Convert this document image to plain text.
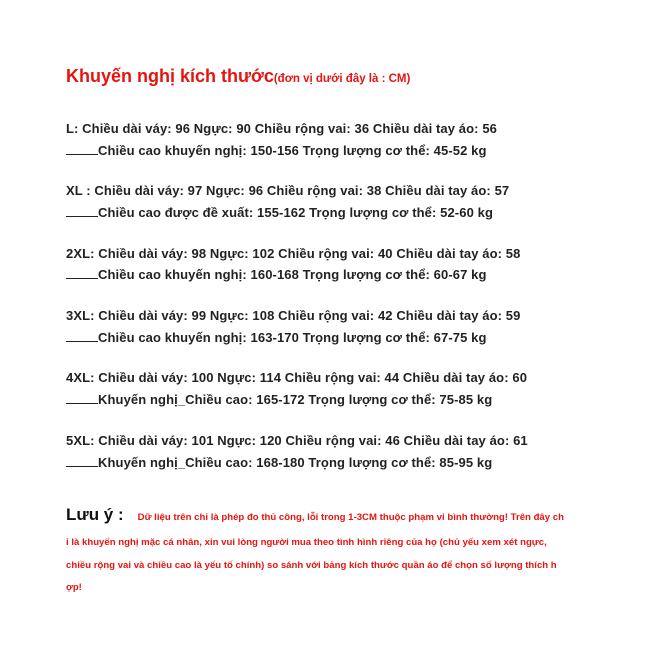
Khuyến nghị kích thước(đơn vị dưới đây là : CM)
L: Chiều dài váy: 96 Ngực: 90 Chiều rộng vai: 36 Chiều dài tay áo: 56
Chiều cao khuyến nghị: 150-156 Trọng lượng cơ thể: 45-52 kg
XL : Chiều dài váy: 97 Ngực: 96 Chiều rộng vai: 38 Chiều dài tay áo: 57
Chiều cao được đề xuất: 155-162 Trọng lượng cơ thể: 52-60 kg
2XL: Chiều dài váy: 98 Ngực: 102 Chiều rộng vai: 40 Chiều dài tay áo: 58
Chiều cao khuyến nghị: 160-168 Trọng lượng cơ thể: 60-67 kg
3XL: Chiều dài váy: 99 Ngực: 108 Chiều rộng vai: 42 Chiều dài tay áo: 59
Chiều cao khuyến nghị: 163-170 Trọng lượng cơ thể: 67-75 kg
4XL: Chiều dài váy: 100 Ngực: 114 Chiều rộng vai: 44 Chiều dài tay áo: 60
Khuyến nghị_Chiều cao: 165-172 Trọng lượng cơ thể: 75-85 kg
5XL: Chiều dài váy: 101 Ngực: 120 Chiều rộng vai: 46 Chiều dài tay áo: 61
Khuyến nghị_Chiều cao: 168-180 Trọng lượng cơ thể: 85-95 kg
Lưu ý : Dữ liệu trên chỉ là phép đo thủ công, lỗi trong 1-3CM thuộc phạm vi bình thường! Trên đây ch
ỉ là khuyến nghị mặc cá nhân, xin vui lòng người mua theo tình hình riêng của họ (chủ yếu xem xét ngực,
chiều rộng vai và chiều cao là yếu tố chính) so sánh với bảng kích thước quần áo để chọn số lượng thích h
ợp!
